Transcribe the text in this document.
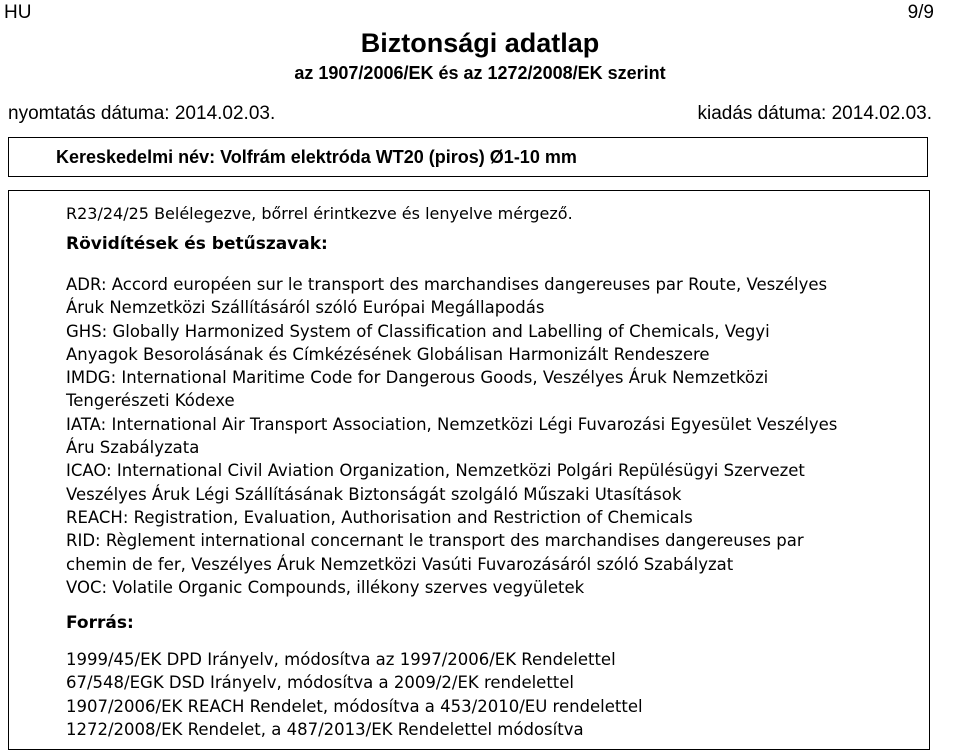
HU	9/9
Biztonsági adatlap
az 1907/2006/EK és az 1272/2008/EK szerint
nyomtatás dátuma: 2014.02.03.	kiadás dátuma: 2014.02.03.
Kereskedelmi név: Volfrám elektróda WT20 (piros) Ø1-10 mm
R23/24/25 Belélegezve, bőrrel érintkezve és lenyelve mérgező.
Rövidítések és betűszavak:
ADR: Accord européen sur le transport des marchandises dangereuses par Route, Veszélyes
Áruk Nemzetközi Szállításáról szóló Európai Megállapodás
GHS: Globally Harmonized System of Classification and Labelling of Chemicals, Vegyi
Anyagok Besorolásának és Címkézésének Globálisan Harmonizált Rendeszere
IMDG: International Maritime Code for Dangerous Goods, Veszélyes Áruk Nemzetközi
Tengerészeti Kódexe
IATA: International Air Transport Association, Nemzetközi Légi Fuvarozási Egyesület Veszélyes
Áru Szabályzata
ICAO: International Civil Aviation Organization, Nemzetközi Polgári Repülésügyi Szervezet
Veszélyes Áruk Légi Szállításának Biztonságát szolgáló Műszaki Utasítások
REACH: Registration, Evaluation, Authorisation and Restriction of Chemicals
RID: Règlement international concernant le transport des marchandises dangereuses par
chemin de fer, Veszélyes Áruk Nemzetközi Vasúti Fuvarozásáról szóló Szabályzat
VOC: Volatile Organic Compounds, illékony szerves vegyületek
Forrás:
1999/45/EK DPD Irányelv, módosítva az 1997/2006/EK Rendelettel
67/548/EGK DSD Irányelv, módosítva a 2009/2/EK rendelettel
1907/2006/EK REACH Rendelet, módosítva a 453/2010/EU rendelettel
1272/2008/EK Rendelet, a 487/2013/EK Rendelettel módosítva
